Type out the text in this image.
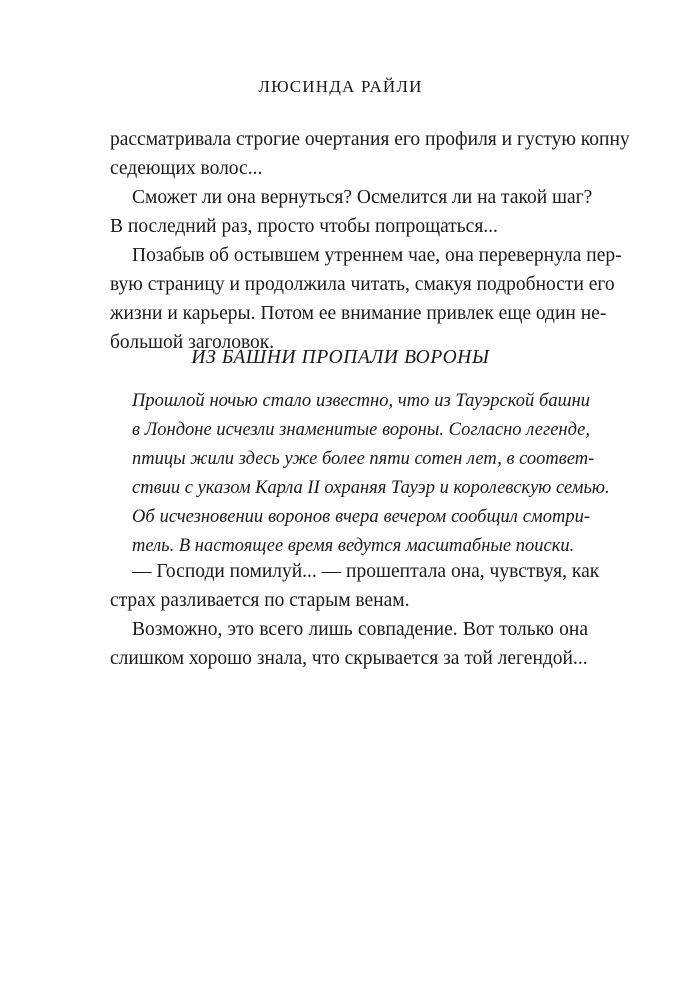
ЛЮСИНДА РАЙЛИ
рассматривала строгие очертания его профиля и густую копну
седеющих волос...
Сможет ли она вернуться? Осмелится ли на такой шаг?
В последний раз, просто чтобы попрощаться...
Позабыв об остывшем утреннем чае, она перевернула пер-
вую страницу и продолжила читать, смакуя подробности его
жизни и карьеры. Потом ее внимание привлек еще один не-
большой заголовок.
ИЗ БАШНИ ПРОПАЛИ ВОРОНЫ
Прошлой ночью стало известно, что из Тауэрской башни
в Лондоне исчезли знаменитые вороны. Согласно легенде,
птицы жили здесь уже более пяти сотен лет, в соответ-
ствии с указом Карла II охраняя Тауэр и королевскую семью.
Об исчезновении воронов вчера вечером сообщил смотри-
тель. В настоящее время ведутся масштабные поиски.
— Господи помилуй... — прошептала она, чувствуя, как
страх разливается по старым венам.
Возможно, это всего лишь совпадение. Вот только она
слишком хорошо знала, что скрывается за той легендой...
